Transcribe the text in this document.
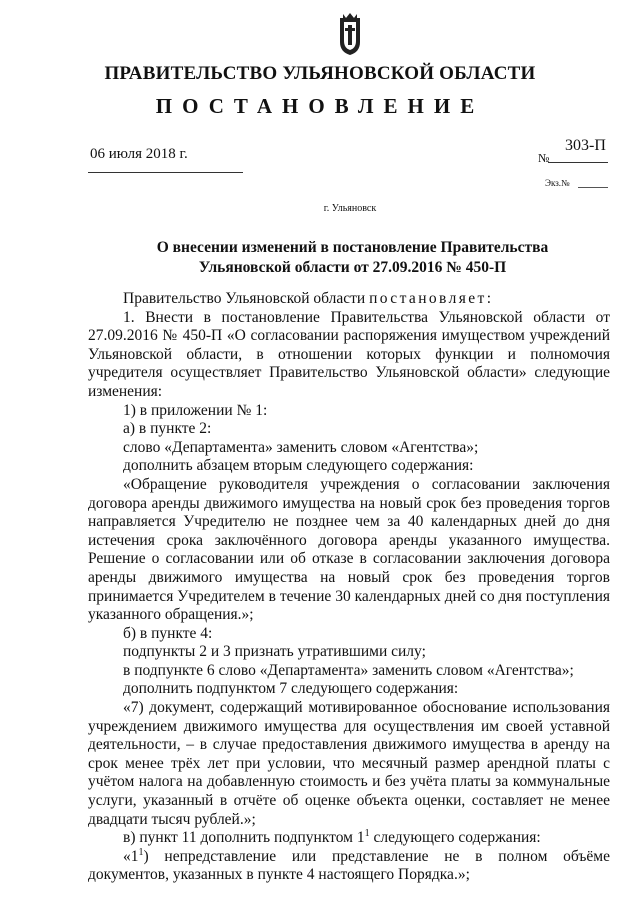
ПРАВИТЕЛЬСТВО УЛЬЯНОВСКОЙ ОБЛАСТИ
ПОСТАНОВЛЕНИЕ
06 июля 2018 г.	303-П
№
Экз.№
г. Ульяновск
О внесении изменений в постановление Правительства
Ульяновской области от 27.09.2016 № 450-П

Правительство Ульяновской области постановляет:

1. Внести в постановление Правительства Ульяновской области от 27.09.2016 № 450-П «О согласовании распоряжения имуществом учреждений Ульяновской области, в отношении которых функции и полномочия учредителя осуществляет Правительство Ульяновской области» следующие изменения:

1) в приложении № 1:

а) в пункте 2:

слово «Департамента» заменить словом «Агентства»;

дополнить абзацем вторым следующего содержания:

«Обращение руководителя учреждения о согласовании заключения договора аренды движимого имущества на новый срок без проведения торгов направляется Учредителю не позднее чем за 40 календарных дней до дня истечения срока заключённого договора аренды указанного имущества. Решение о согласовании или об отказе в согласовании заключения договора аренды движимого имущества на новый срок без проведения торгов принимается Учредителем в течение 30 календарных дней со дня поступления указанного обращения.»;

б) в пункте 4:

подпункты 2 и 3 признать утратившими силу;

в подпункте 6 слово «Департамента» заменить словом «Агентства»;

дополнить подпунктом 7 следующего содержания:

«7) документ, содержащий мотивированное обоснование использования учреждением движимого имущества для осуществления им своей уставной деятельности, – в случае предоставления движимого имущества в аренду на срок менее трёх лет при условии, что месячный размер арендной платы с учётом налога на добавленную стоимость и без учёта платы за коммунальные услуги, указанный в отчёте об оценке объекта оценки, составляет не менее двадцати тысяч рублей.»;

в) пункт 11 дополнить подпунктом $1^1$ следующего содержания:

«$1^1$) непредставление или представление не в полном объёме документов, указанных в пункте 4 настоящего Порядка.»;
